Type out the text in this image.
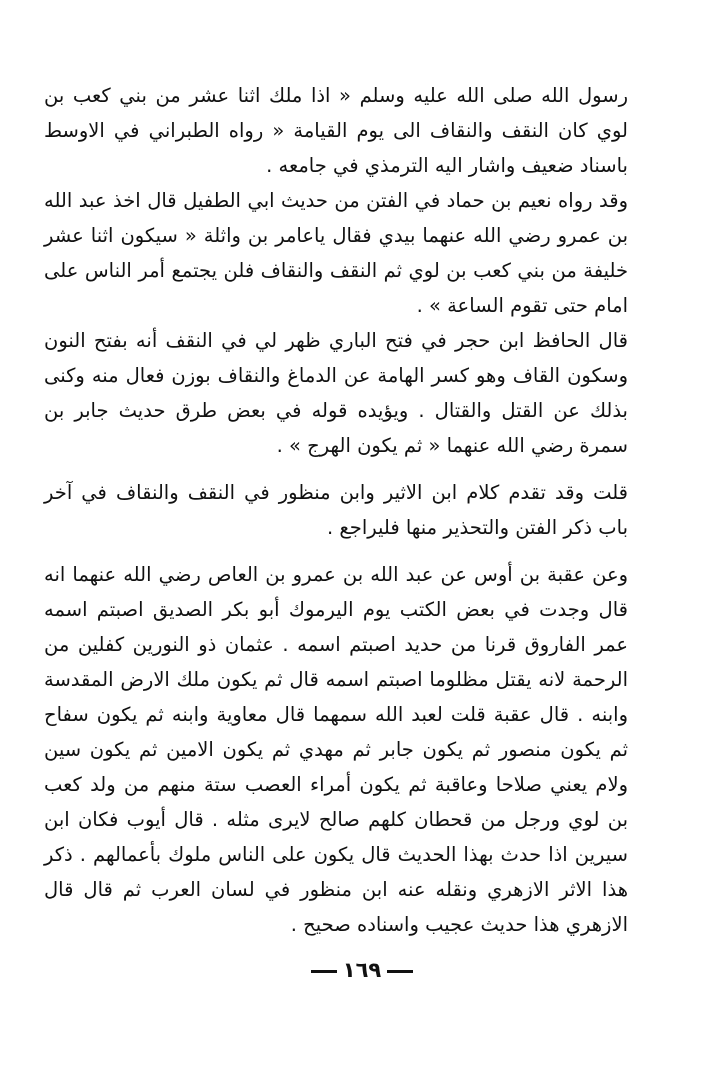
رسول الله صلى الله عليه وسلم « اذا ملك اثنا عشر من بني كعب بن لوي كان النقف والنقاف الى يوم القيامة « رواه الطبراني في الاوسط باسناد ضعيف واشار اليه الترمذي في جامعه .

وقد رواه نعيم بن حماد في الفتن من حديث ابي الطفيل قال اخذ عبد الله بن عمرو رضي الله عنهما بيدي فقال ياعامر بن واثلة « سيكون اثنا عشر خليفة من بني كعب بن لوي ثم النقف والنقاف فلن يجتمع أمر الناس على امام حتى تقوم الساعة » .

قال الحافظ ابن حجر في فتح الباري ظهر لي في النقف أنه بفتح النون وسكون القاف وهو كسر الهامة عن الدماغ والنقاف بوزن فعال منه وكنى بذلك عن القتل والقتال . ويؤيده قوله في بعض طرق حديث جابر بن سمرة رضي الله عنهما « ثم يكون الهرج » .

قلت وقد تقدم كلام ابن الاثير وابن منظور في النقف والنقاف في آخر باب ذكر الفتن والتحذير منها فليراجع .

وعن عقبة بن أوس عن عبد الله بن عمرو بن العاص رضي الله عنهما انه قال وجدت في بعض الكتب يوم اليرموك أبو بكر الصديق اصبتم اسمه عمر الفاروق قرنا من حديد اصبتم اسمه . عثمان ذو النورين كفلين من الرحمة لانه يقتل مظلوما اصبتم اسمه قال ثم يكون ملك الارض المقدسة وابنه . قال عقبة قلت لعبد الله سمهما قال معاوية وابنه ثم يكون سفاح ثم يكون منصور ثم يكون جابر ثم مهدي ثم يكون الامين ثم يكون سين ولام يعني صلاحا وعاقبة ثم يكون أمراء العصب ستة منهم من ولد كعب بن لوي ورجل من قحطان كلهم صالح لايرى مثله . قال أيوب فكان ابن سيرين اذا حدث بهذا الحديث قال يكون على الناس ملوك بأعمالهم . ذكر هذا الاثر الازهري ونقله عنه ابن منظور في لسان العرب ثم قال قال الازهري هذا حديث عجيب واسناده صحيح .

١٦٩
